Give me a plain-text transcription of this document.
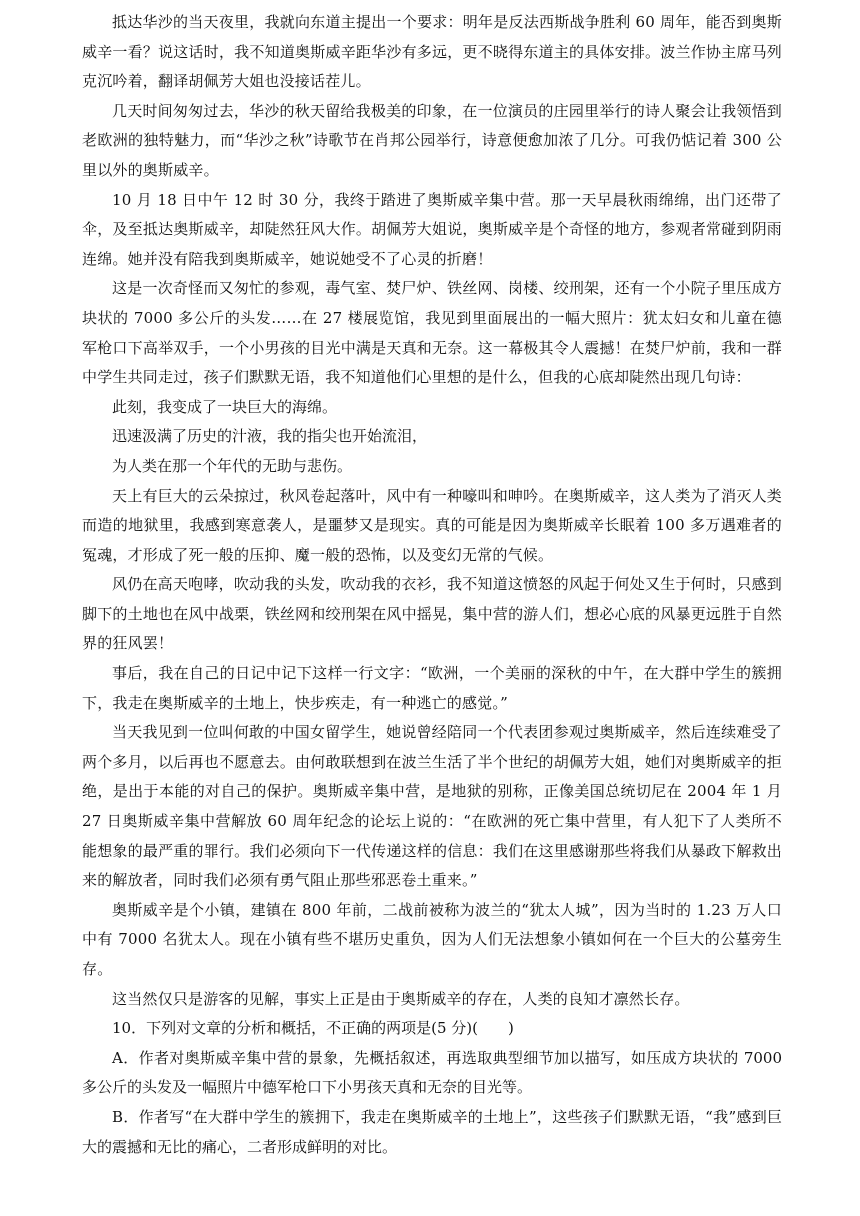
抵达华沙的当天夜里，我就向东道主提出一个要求：明年是反法西斯战争胜利 60 周年，能否到奥斯威辛一看？说这话时，我不知道奥斯威辛距华沙有多远，更不晓得东道主的具体安排。波兰作协主席马列克沉吟着，翻译胡佩芳大姐也没接话茬儿。

几天时间匆匆过去，华沙的秋天留给我极美的印象，在一位演员的庄园里举行的诗人聚会让我领悟到老欧洲的独特魅力，而“华沙之秋”诗歌节在肖邦公园举行，诗意便愈加浓了几分。可我仍惦记着 300 公里以外的奥斯威辛。

10 月 18 日中午 12 时 30 分，我终于踏进了奥斯威辛集中营。那一天早晨秋雨绵绵，出门还带了伞，及至抵达奥斯威辛，却陡然狂风大作。胡佩芳大姐说，奥斯威辛是个奇怪的地方，参观者常碰到阴雨连绵。她并没有陪我到奥斯威辛，她说她受不了心灵的折磨！

这是一次奇怪而又匆忙的参观，毒气室、焚尸炉、铁丝网、岗楼、绞刑架，还有一个小院子里压成方块状的 7000 多公斤的头发……在 27 楼展览馆，我见到里面展出的一幅大照片：犹太妇女和儿童在德军枪口下高举双手，一个小男孩的目光中满是天真和无奈。这一幕极其令人震撼！在焚尸炉前，我和一群中学生共同走过，孩子们默默无语，我不知道他们心里想的是什么，但我的心底却陡然出现几句诗：

此刻，我变成了一块巨大的海绵。

迅速汲满了历史的汁液，我的指尖也开始流泪，

为人类在那一个年代的无助与悲伤。

天上有巨大的云朵掠过，秋风卷起落叶，风中有一种嚎叫和呻吟。在奥斯威辛，这人类为了消灭人类而造的地狱里，我感到寒意袭人，是噩梦又是现实。真的可能是因为奥斯威辛长眠着 100 多万遇难者的冤魂，才形成了死一般的压抑、魔一般的恐怖，以及变幻无常的气候。

风仍在高天咆哮，吹动我的头发，吹动我的衣衫，我不知道这愤怒的风起于何处又生于何时，只感到脚下的土地也在风中战栗，铁丝网和绞刑架在风中摇晃，集中营的游人们，想必心底的风暴更远胜于自然界的狂风罢！

事后，我在自己的日记中记下这样一行文字：“欧洲，一个美丽的深秋的中午，在大群中学生的簇拥下，我走在奥斯威辛的土地上，快步疾走，有一种逃亡的感觉。”

当天我见到一位叫何敢的中国女留学生，她说曾经陪同一个代表团参观过奥斯威辛，然后连续难受了两个多月，以后再也不愿意去。由何敢联想到在波兰生活了半个世纪的胡佩芳大姐，她们对奥斯威辛的拒绝，是出于本能的对自己的保护。奥斯威辛集中营，是地狱的别称，正像美国总统切尼在 2004 年 1 月 27 日奥斯威辛集中营解放 60 周年纪念的论坛上说的：“在欧洲的死亡集中营里，有人犯下了人类所不能想象的最严重的罪行。我们必须向下一代传递这样的信息：我们在这里感谢那些将我们从暴政下解救出来的解放者，同时我们必须有勇气阻止那些邪恶卷土重来。”

奥斯威辛是个小镇，建镇在 800 年前，二战前被称为波兰的“犹太人城”，因为当时的 1.23 万人口中有 7000 名犹太人。现在小镇有些不堪历史重负，因为人们无法想象小镇如何在一个巨大的公墓旁生存。

这当然仅只是游客的见解，事实上正是由于奥斯威辛的存在，人类的良知才凛然长存。

10．下列对文章的分析和概括，不正确的两项是(5 分)(　　)

A．作者对奥斯威辛集中营的景象，先概括叙述，再选取典型细节加以描写，如压成方块状的 7000 多公斤的头发及一幅照片中德军枪口下小男孩天真和无奈的目光等。

B．作者写“在大群中学生的簇拥下，我走在奥斯威辛的土地上”，这些孩子们默默无语，“我”感到巨大的震撼和无比的痛心，二者形成鲜明的对比。
